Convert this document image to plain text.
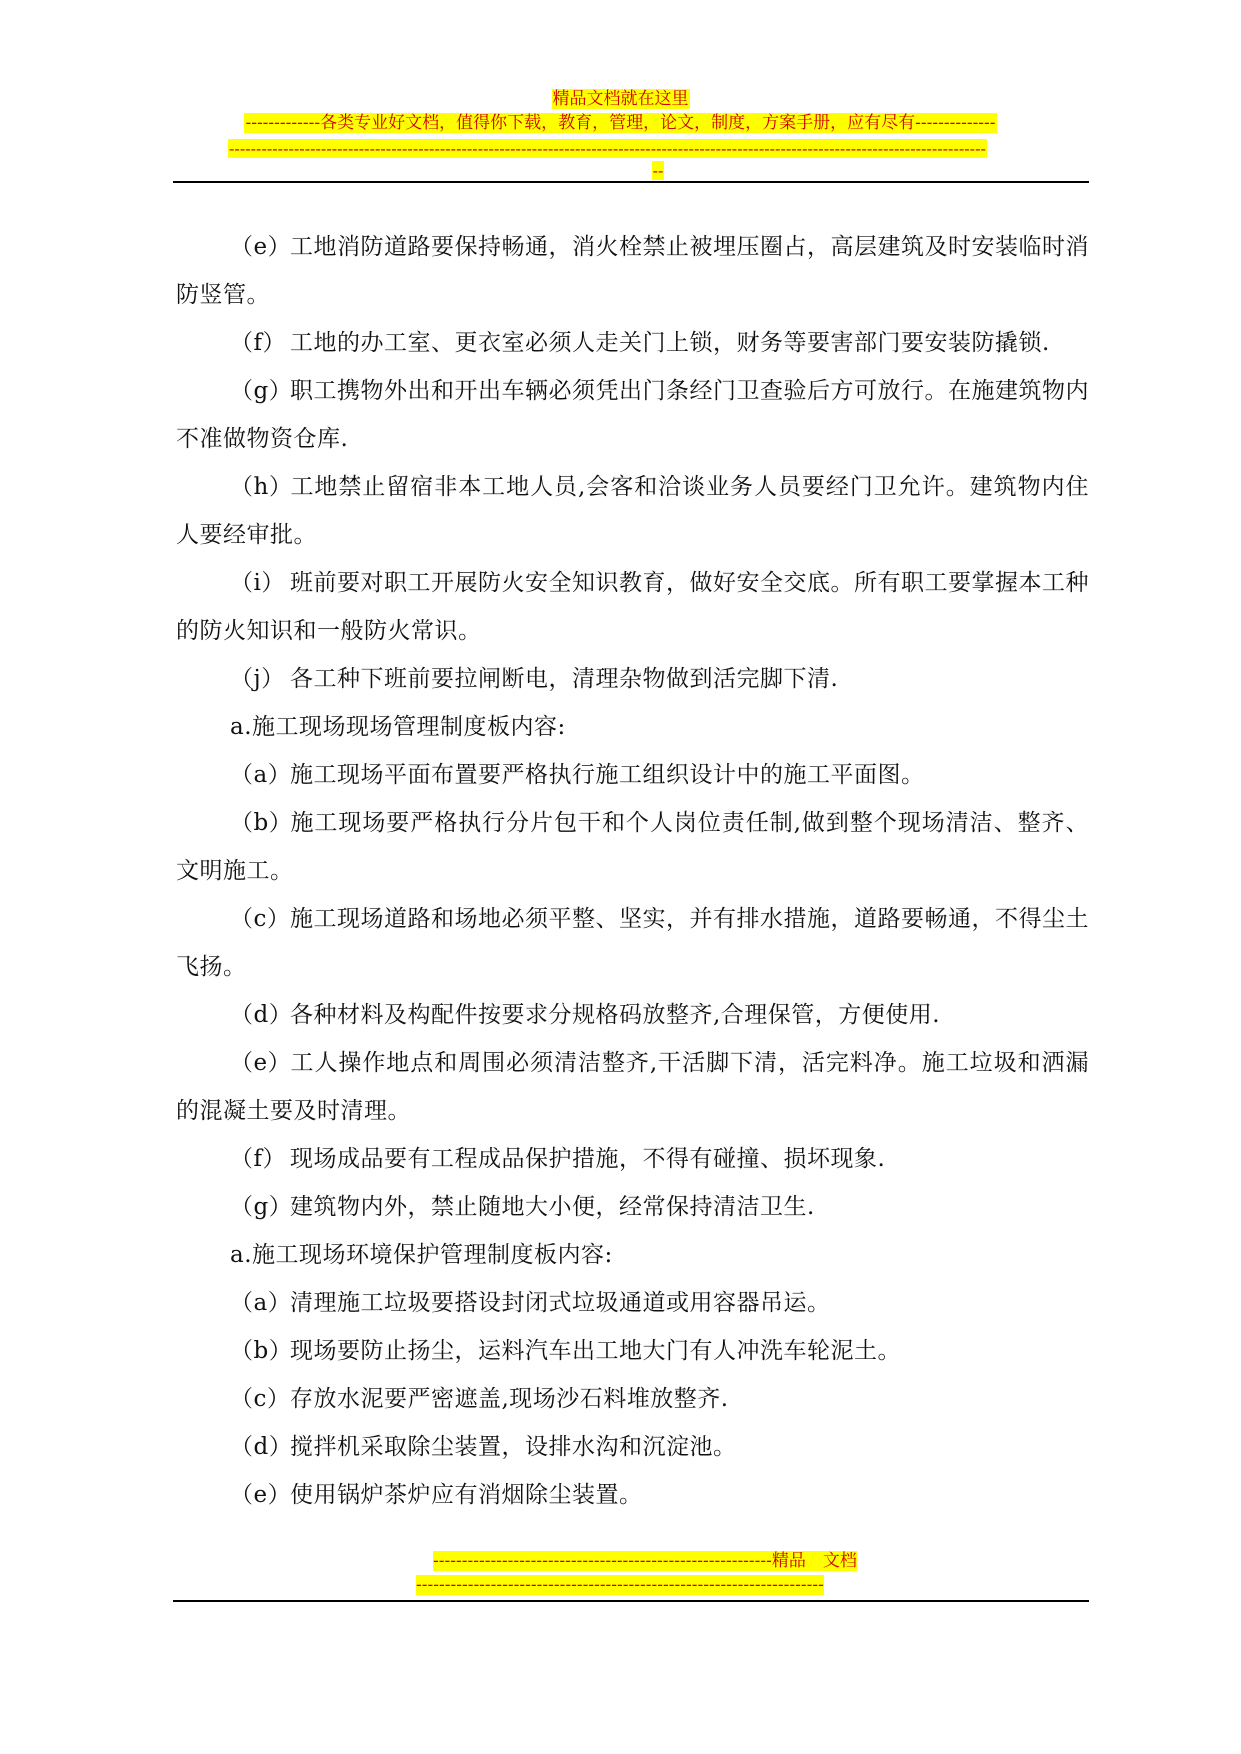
精品文档就在这里
-------------各类专业好文档，值得你下载，教育，管理，论文，制度，方案手册，应有尽有--------------
--------------------------------------------------------------------------------------------------------------------------------------------
--

（e）工地消防道路要保持畅通，消火栓禁止被埋压圈占，高层建筑及时安装临时消防竖管。

（f） 工地的办工室、更衣室必须人走关门上锁，财务等要害部门要安装防撬锁.

（g）职工携物外出和开出车辆必须凭出门条经门卫查验后方可放行。在施建筑物内不准做物资仓库.

（h）工地禁止留宿非本工地人员,会客和洽谈业务人员要经门卫允许。建筑物内住人要经审批。

（i） 班前要对职工开展防火安全知识教育，做好安全交底。所有职工要掌握本工种的防火知识和一般防火常识。

（j） 各工种下班前要拉闸断电，清理杂物做到活完脚下清.

a.施工现场现场管理制度板内容:

（a）施工现场平面布置要严格执行施工组织设计中的施工平面图。

（b）施工现场要严格执行分片包干和个人岗位责任制,做到整个现场清洁、整齐、文明施工。

（c）施工现场道路和场地必须平整、坚实，并有排水措施，道路要畅通，不得尘土飞扬。

（d）各种材料及构配件按要求分规格码放整齐,合理保管，方便使用.

（e）工人操作地点和周围必须清洁整齐,干活脚下清，活完料净。施工垃圾和洒漏的混凝土要及时清理。

（f） 现场成品要有工程成品保护措施，不得有碰撞、损坏现象.

（g）建筑物内外，禁止随地大小便，经常保持清洁卫生.

a.施工现场环境保护管理制度板内容:

（a）清理施工垃圾要搭设封闭式垃圾通道或用容器吊运。

（b）现场要防止扬尘，运料汽车出工地大门有人冲洗车轮泥土。

（c）存放水泥要严密遮盖,现场沙石料堆放整齐.

（d）搅拌机采取除尘装置，设排水沟和沉淀池。

（e）使用锅炉茶炉应有消烟除尘装置。

-----------------------------------------------------------精品　文档
-----------------------------------------------------------------------
